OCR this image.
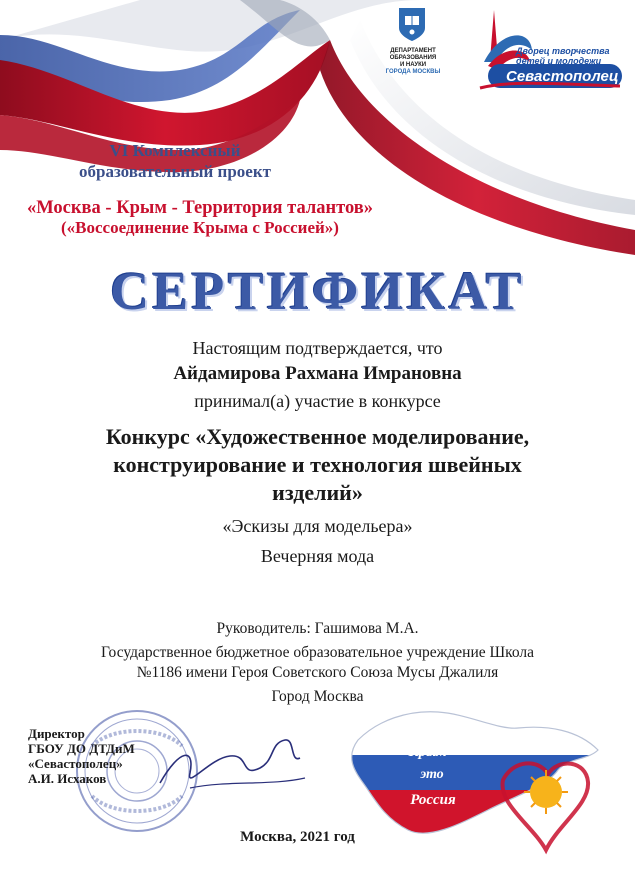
ДЕПАРТАМЕНТ
ОБРАЗОВАНИЯ
И НАУКИ
ГОРОДА МОСКВЫ
Дворец творчества
детей и молодежи
Севастополец
VI Комплексный
образовательный проект
«Москва - Крым - Территория талантов»
(«Воссоединение Крыма с Россией»)
СЕРТИФИКАТ
Настоящим подтверждается, что
Айдамирова Рахмана Имрановна
принимал(а) участие в конкурсе
Конкурс «Художественное моделирование, конструирование и технология швейных изделий»
«Эскизы для модельера»
Вечерняя мода
Руководитель: Гашимова М.А.
Государственное бюджетное образовательное учреждение Школа
№1186 имени Героя Советского Союза Мусы Джалиля
Город Москва
Директор
ГБОУ ДО ДТДиМ
«Севастополец»
А.И. Исхаков
Крым -
это
Россия
Москва, 2021 год
